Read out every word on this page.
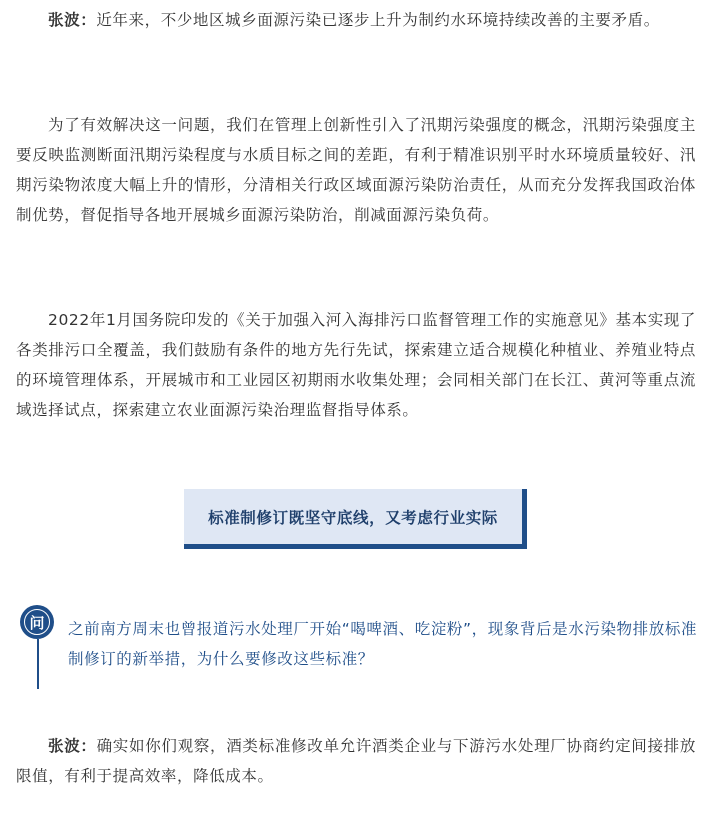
张波：近年来，不少地区城乡面源污染已逐步上升为制约水环境持续改善的主要矛盾。

为了有效解决这一问题，我们在管理上创新性引入了汛期污染强度的概念，汛期污染强度主要反映监测断面汛期污染程度与水质目标之间的差距，有利于精准识别平时水环境质量较好、汛期污染物浓度大幅上升的情形，分清相关行政区域面源污染防治责任，从而充分发挥我国政治体制优势，督促指导各地开展城乡面源污染防治，削减面源污染负荷。

2022年1月国务院印发的《关于加强入河入海排污口监督管理工作的实施意见》基本实现了各类排污口全覆盖，我们鼓励有条件的地方先行先试，探索建立适合规模化种植业、养殖业特点的环境管理体系，开展城市和工业园区初期雨水收集处理；会同相关部门在长江、黄河等重点流域选择试点，探索建立农业面源污染治理监督指导体系。

标准制修订既坚守底线，又考虑行业实际
问	之前南方周末也曾报道污水处理厂开始“喝啤酒、吃淀粉”，现象背后是水污染物排放标准制修订的新举措，为什么要修改这些标准？

张波：确实如你们观察，酒类标准修改单允许酒类企业与下游污水处理厂协商约定间接排放限值，有利于提高效率，降低成本。
